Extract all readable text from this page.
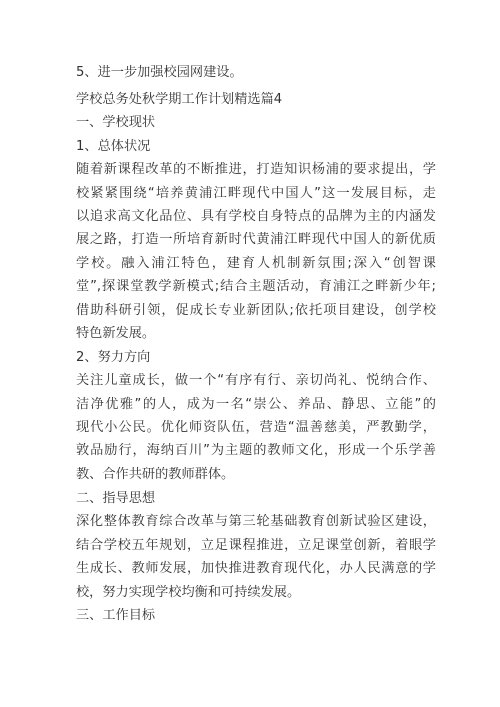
5、进一步加强校园网建设。
学校总务处秋学期工作计划精选篇4
一、学校现状
1、总体状况
随着新课程改革的不断推进，打造知识杨浦的要求提出，学
校紧紧围绕“培养黄浦江畔现代中国人”这一发展目标，走
以追求高文化品位、具有学校自身特点的品牌为主的内涵发
展之路，打造一所培育新时代黄浦江畔现代中国人的新优质
学校。融入浦江特色，建育人机制新氛围;深入“创智课
堂”,探课堂教学新模式;结合主题活动，育浦江之畔新少年;
借助科研引领，促成长专业新团队;依托项目建设，创学校
特色新发展。
2、努力方向
关注儿童成长，做一个“有序有行、亲切尚礼、悦纳合作、
洁净优雅”的人，成为一名“崇公、养品、静思、立能”的
现代小公民。优化师资队伍，营造“温善慈美，严教勤学，
敦品励行，海纳百川”为主题的教师文化，形成一个乐学善
教、合作共研的教师群体。
二、指导思想
深化整体教育综合改革与第三轮基础教育创新试验区建设，
结合学校五年规划，立足课程推进，立足课堂创新，着眼学
生成长、教师发展，加快推进教育现代化，办人民满意的学
校，努力实现学校均衡和可持续发展。
三、工作目标
